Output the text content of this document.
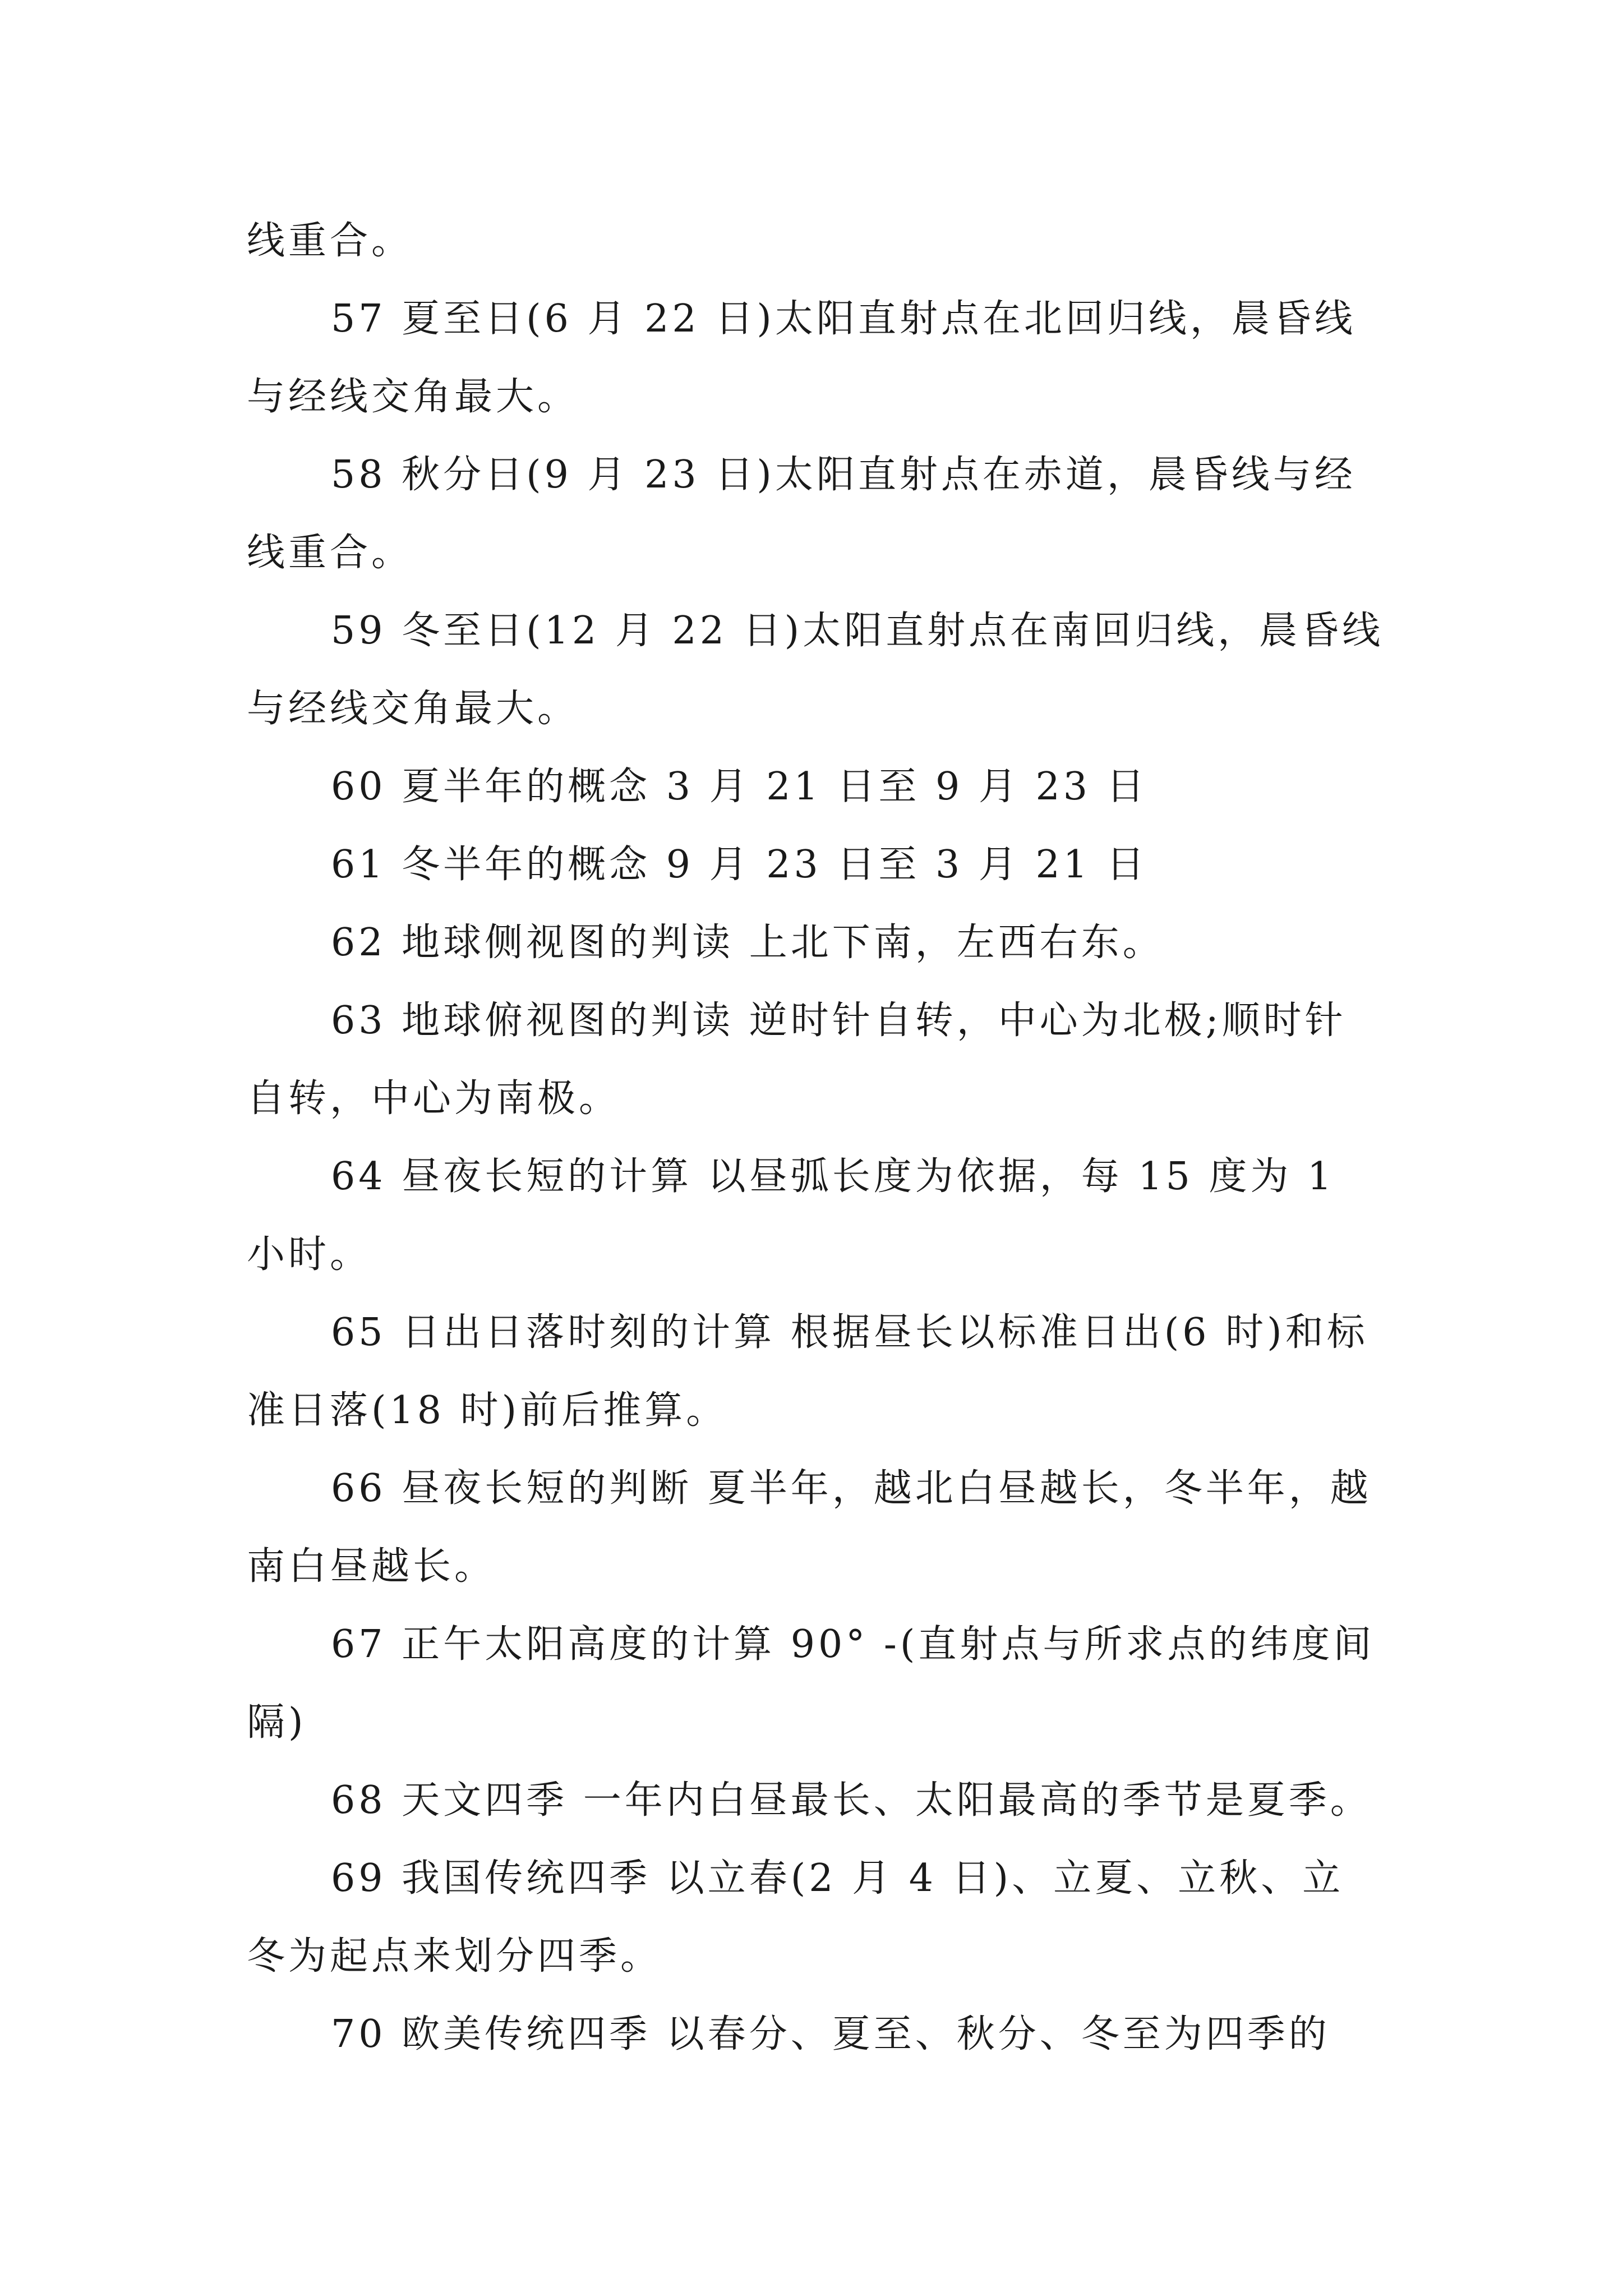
线重合。

57 夏至日(6 月 22 日)太阳直射点在北回归线，晨昏线与经线交角最大。

58 秋分日(9 月 23 日)太阳直射点在赤道，晨昏线与经线重合。

59 冬至日(12 月 22 日)太阳直射点在南回归线，晨昏线与经线交角最大。

60 夏半年的概念 3 月 21 日至 9 月 23 日

61 冬半年的概念 9 月 23 日至 3 月 21 日

62 地球侧视图的判读 上北下南，左西右东。

63 地球俯视图的判读 逆时针自转，中心为北极;顺时针自转，中心为南极。

64 昼夜长短的计算 以昼弧长度为依据，每 15 度为 1 小时。

65 日出日落时刻的计算 根据昼长以标准日出(6 时)和标准日落(18 时)前后推算。

66 昼夜长短的判断 夏半年，越北白昼越长，冬半年，越南白昼越长。

67 正午太阳高度的计算 90° -(直射点与所求点的纬度间隔)

68 天文四季 一年内白昼最长、太阳最高的季节是夏季。

69 我国传统四季 以立春(2 月 4 日)、立夏、立秋、立冬为起点来划分四季。

70 欧美传统四季 以春分、夏至、秋分、冬至为四季的
